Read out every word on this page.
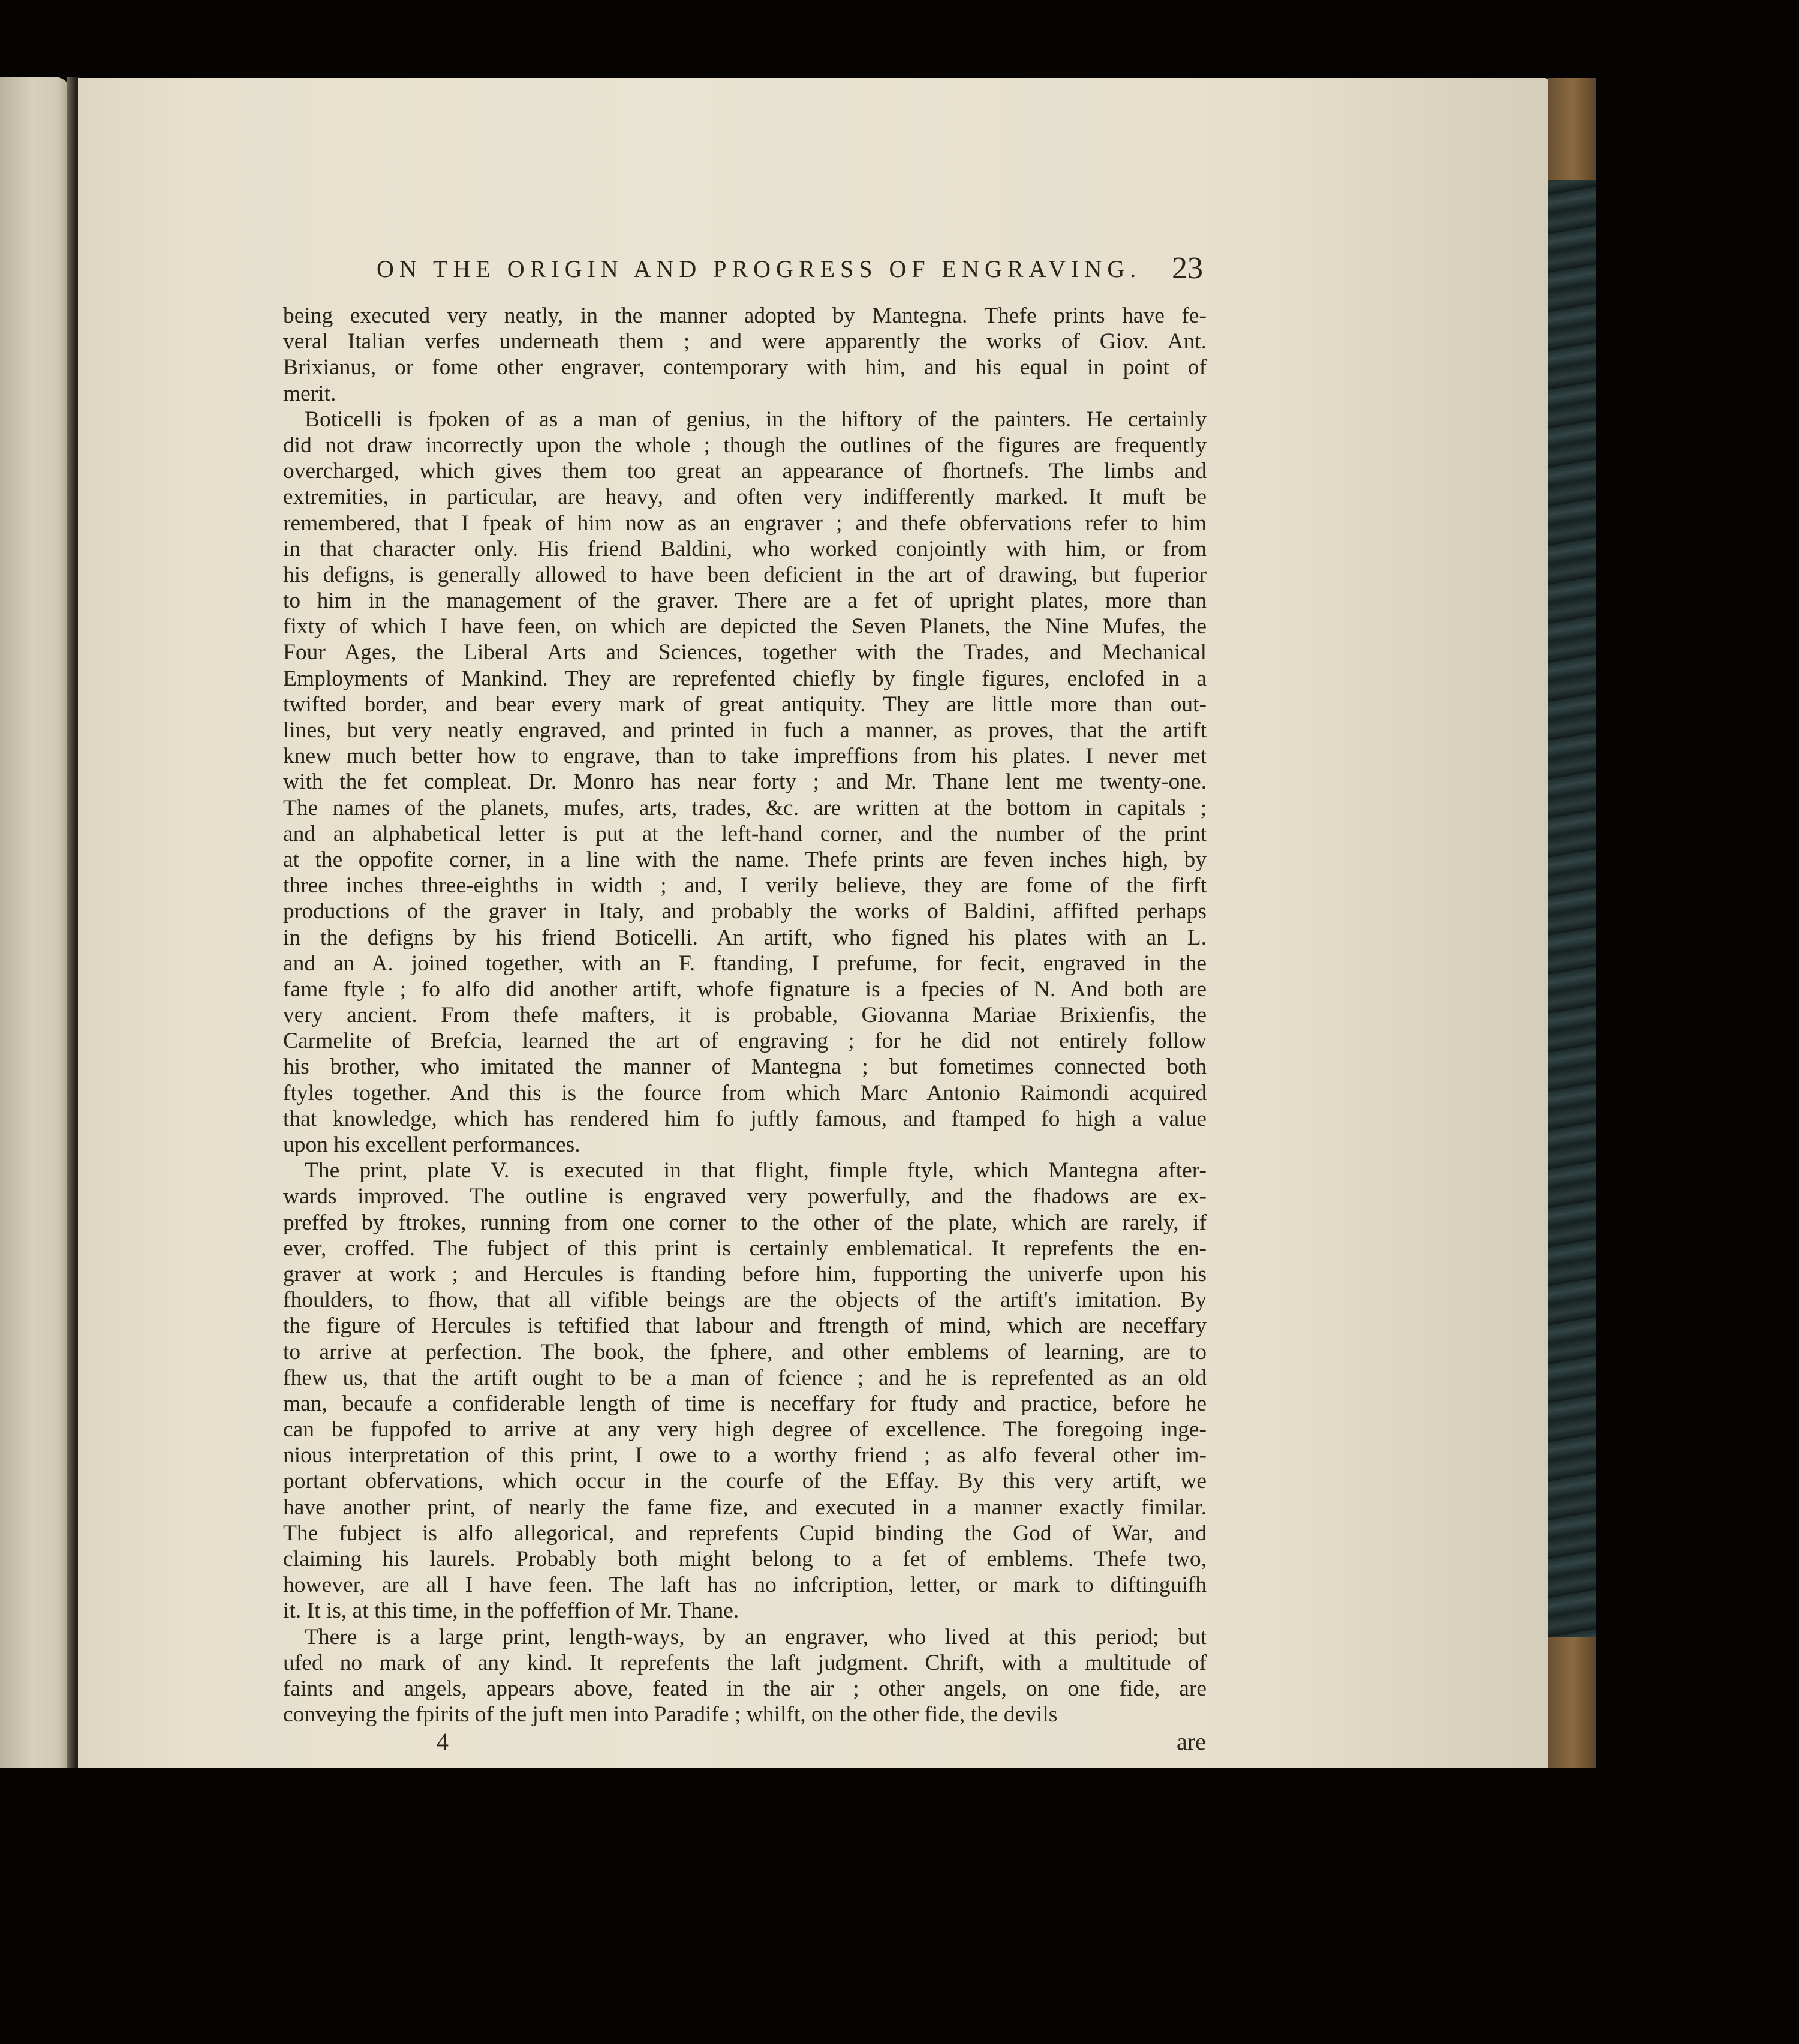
ON THE ORIGIN AND PROGRESS OF ENGRAVING. 23
being executed very neatly, in the manner adopted by Mantegna. Thefe prints have fe-
veral Italian verfes underneath them ; and were apparently the works of Giov. Ant.
Brixianus, or fome other engraver, contemporary with him, and his equal in point of
merit.
Boticelli is fpoken of as a man of genius, in the hiftory of the painters. He certainly
did not draw incorrectly upon the whole ; though the outlines of the figures are frequently
overcharged, which gives them too great an appearance of fhortnefs. The limbs and
extremities, in particular, are heavy, and often very indifferently marked. It muft be
remembered, that I fpeak of him now as an engraver ; and thefe obfervations refer to him
in that character only. His friend Baldini, who worked conjointly with him, or from
his defigns, is generally allowed to have been deficient in the art of drawing, but fuperior
to him in the management of the graver. There are a fet of upright plates, more than
fixty of which I have feen, on which are depicted the Seven Planets, the Nine Mufes, the
Four Ages, the Liberal Arts and Sciences, together with the Trades, and Mechanical
Employments of Mankind. They are reprefented chiefly by fingle figures, enclofed in a
twifted border, and bear every mark of great antiquity. They are little more than out-
lines, but very neatly engraved, and printed in fuch a manner, as proves, that the artift
knew much better how to engrave, than to take impreffions from his plates. I never met
with the fet compleat. Dr. Monro has near forty ; and Mr. Thane lent me twenty-one.
The names of the planets, mufes, arts, trades, &c. are written at the bottom in capitals ;
and an alphabetical letter is put at the left-hand corner, and the number of the print
at the oppofite corner, in a line with the name. Thefe prints are feven inches high, by
three inches three-eighths in width ; and, I verily believe, they are fome of the firft
productions of the graver in Italy, and probably the works of Baldini, affifted perhaps
in the defigns by his friend Boticelli. An artift, who figned his plates with an L.
and an A. joined together, with an F. ftanding, I prefume, for fecit, engraved in the
fame ftyle ; fo alfo did another artift, whofe fignature is a fpecies of N. And both are
very ancient. From thefe mafters, it is probable, Giovanna Mariae Brixienfis, the
Carmelite of Brefcia, learned the art of engraving ; for he did not entirely follow
his brother, who imitated the manner of Mantegna ; but fometimes connected both
ftyles together. And this is the fource from which Marc Antonio Raimondi acquired
that knowledge, which has rendered him fo juftly famous, and ftamped fo high a value
upon his excellent performances.
The print, plate V. is executed in that flight, fimple ftyle, which Mantegna after-
wards improved. The outline is engraved very powerfully, and the fhadows are ex-
preffed by ftrokes, running from one corner to the other of the plate, which are rarely, if
ever, croffed. The fubject of this print is certainly emblematical. It reprefents the en-
graver at work ; and Hercules is ftanding before him, fupporting the univerfe upon his
fhoulders, to fhow, that all vifible beings are the objects of the artift's imitation. By
the figure of Hercules is teftified that labour and ftrength of mind, which are neceffary
to arrive at perfection. The book, the fphere, and other emblems of learning, are to
fhew us, that the artift ought to be a man of fcience ; and he is reprefented as an old
man, becaufe a confiderable length of time is neceffary for ftudy and practice, before he
can be fuppofed to arrive at any very high degree of excellence. The foregoing inge-
nious interpretation of this print, I owe to a worthy friend ; as alfo feveral other im-
portant obfervations, which occur in the courfe of the Effay. By this very artift, we
have another print, of nearly the fame fize, and executed in a manner exactly fimilar.
The fubject is alfo allegorical, and reprefents Cupid binding the God of War, and
claiming his laurels. Probably both might belong to a fet of emblems. Thefe two,
however, are all I have feen. The laft has no infcription, letter, or mark to diftinguifh
it. It is, at this time, in the poffeffion of Mr. Thane.
There is a large print, length-ways, by an engraver, who lived at this period; but
ufed no mark of any kind. It reprefents the laft judgment. Chrift, with a multitude of
faints and angels, appears above, feated in the air ; other angels, on one fide, are
conveying the fpirits of the juft men into Paradife ; whilft, on the other fide, the devils
4	are
